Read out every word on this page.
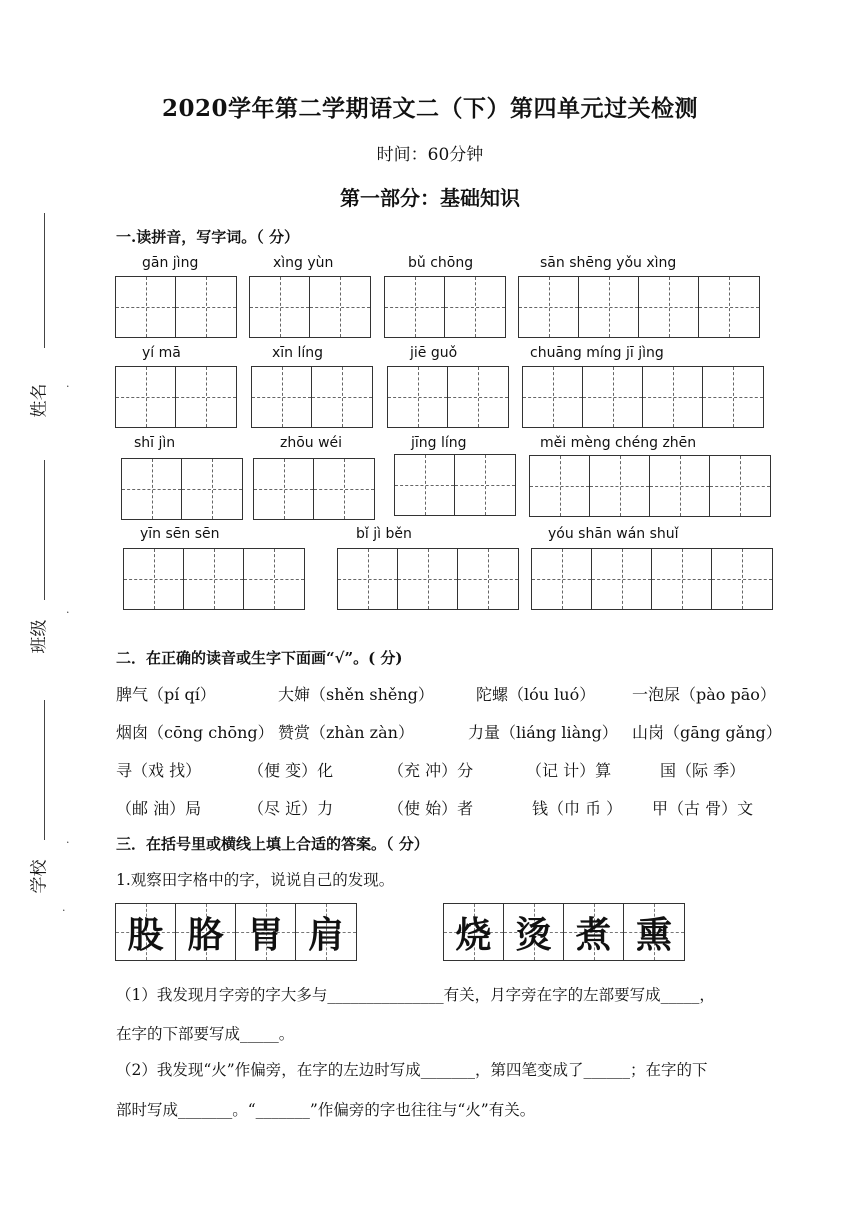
姓名
班级
学校
·
·
·
·
2020学年第二学期语文二（下）第四单元过关检测
时间：60分钟
第一部分：基础知识
一.读拼音，写字词。（ 分）
gān jìng	xìng yùn	bǔ chōng	sān shēng yǒu xìng
yí mā	xīn líng	jiē guǒ	chuāng míng jī jìng
shī jìn	zhōu wéi	jīng líng	měi mèng chéng zhēn
yīn sēn sēn	bǐ jì běn	yóu shān wán shuǐ
二．在正确的读音或生字下面画“√”。( 分)
脾气（pí qí）	大婶（shěn shěng）	陀螺（lóu luó） 一泡尿（pào pāo）
烟囱（cōng chōng） 赞赏（zhàn zàn）	力量（liáng liàng） 山岗（gāng gǎng）
寻（戏 找）	（便 变）化	（充 冲）分	（记 计）算	国（际 季）
（邮 油）局	（尽 近）力	（使 始）者	钱（巾 币 ） 甲（古 骨）文
三．在括号里或横线上填上合适的答案。（ 分）
1.观察田字格中的字，说说自己的发现。
股 胳 胃 肩	烧 烫 煮 熏
（1）我发现月字旁的字大多与_______________有关，月字旁在字的左部要写成_____，
在字的下部要写成_____。
（2）我发现“火”作偏旁，在字的左边时写成_______，第四笔变成了______；在字的下
部时写成_______。“_______”作偏旁的字也往往与“火”有关。
